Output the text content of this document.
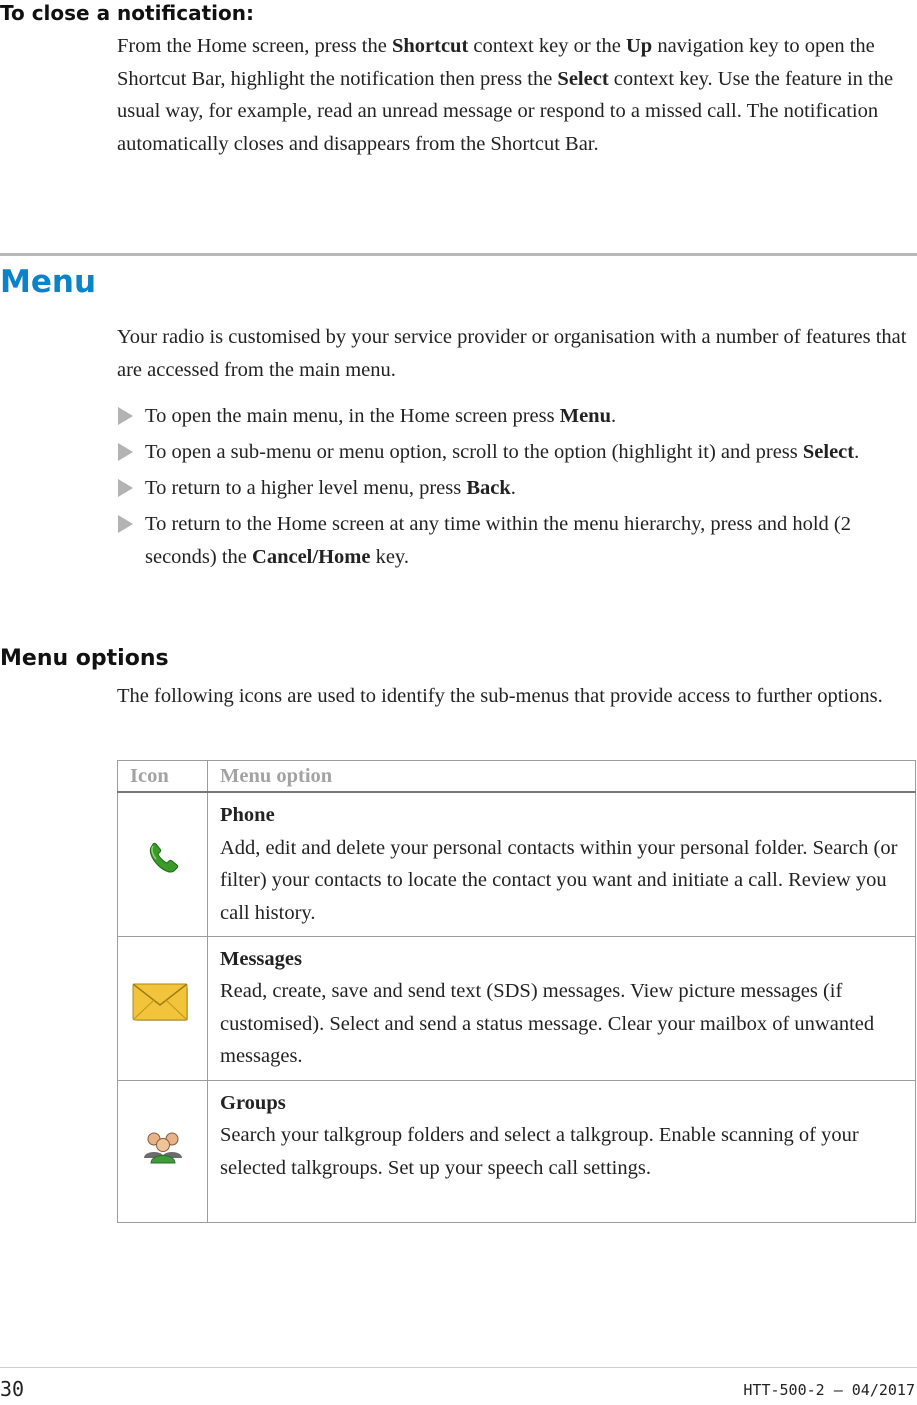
To close a notification:
From the Home screen, press the Shortcut context key or the Up navigation key to open the Shortcut Bar, highlight the notification then press the Select context key. Use the feature in the usual way, for example, read an unread message or respond to a missed call. The notification automatically closes and disappears from the Shortcut Bar.
Menu
Your radio is customised by your service provider or organisation with a number of features that are accessed from the main menu.
To open the main menu, in the Home screen press Menu.
To open a sub-menu or menu option, scroll to the option (highlight it) and press Select.
To return to a higher level menu, press Back.
To return to the Home screen at any time within the menu hierarchy, press and hold (2 seconds) the Cancel/Home key.
Menu options
The following icons are used to identify the sub-menus that provide access to further options.
Icon	Menu option

Phone
Add, edit and delete your personal contacts within your personal folder. Search (or filter) your contacts to locate the contact you want and initiate a call. Review you call history.

Messages
Read, create, save and send text (SDS) messages. View picture messages (if customised). Select and send a status message. Clear your mailbox of unwanted messages.

Groups
Search your talkgroup folders and select a talkgroup. Enable scanning of your selected talkgroups. Set up your speech call settings.
30	HTT-500-2 – 04/2017
